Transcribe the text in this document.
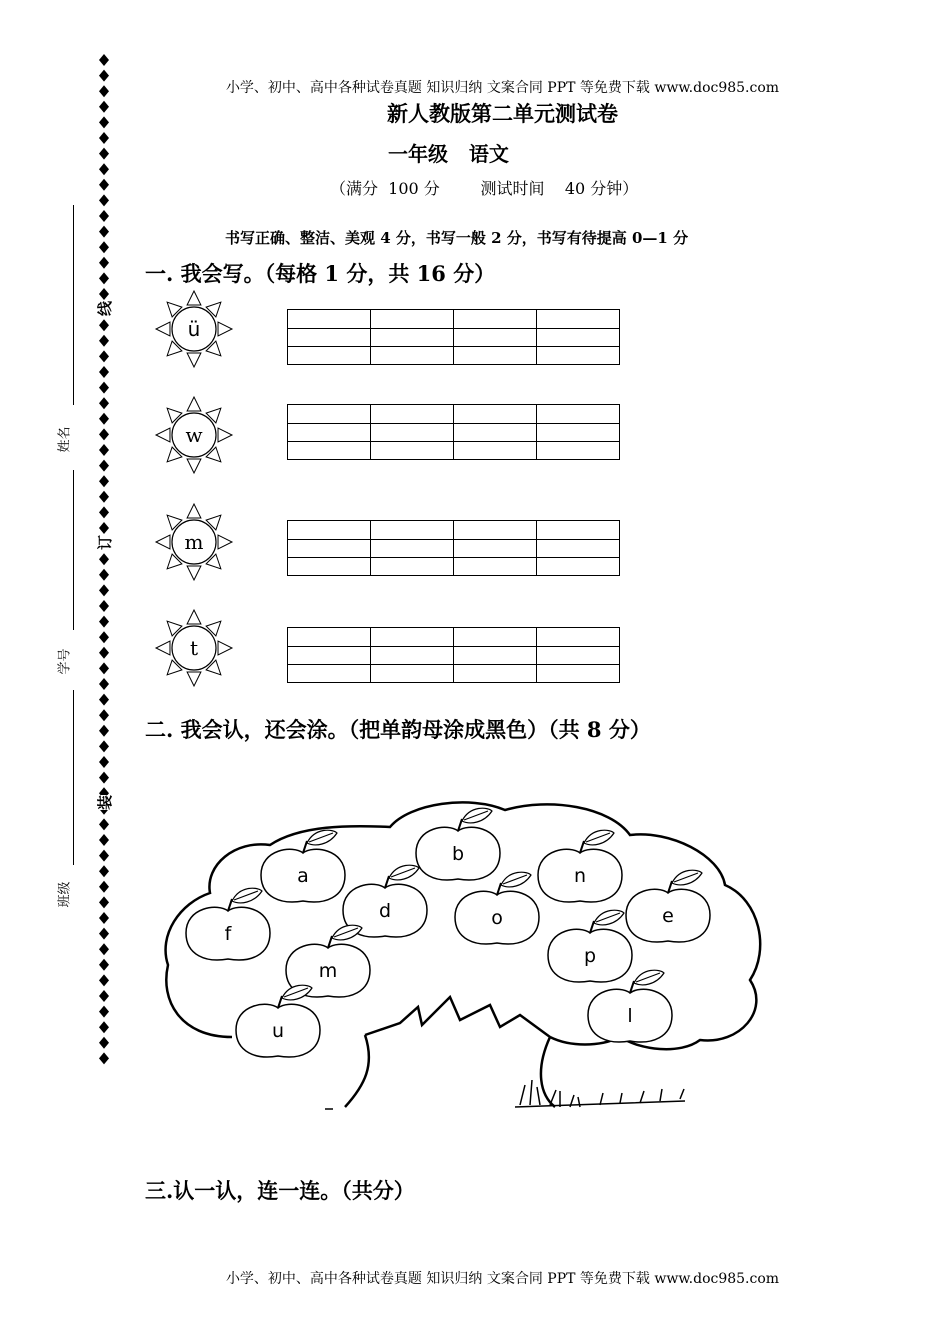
小学、初中、高中各种试卷真题 知识归纳 文案合同 PPT 等免费下载 www.doc985.com
姓名
学号
班级
线
订
装
新人教版第二单元测试卷
一年级   语文
（满分  100 分        测试时间    40 分钟）
书写正确、整洁、美观 4 分，书写一般 2 分，书写有待提高 0—1 分
一. 我会写。（每格 1 分，共 16 分）
ü
w
m
t
二. 我会认，还会涂。（把单韵母涂成黑色）（共 8 分）
a
b
n
d	o	e
f
m
p
l
u
三.认一认，连一连。（共分）
小学、初中、高中各种试卷真题 知识归纳 文案合同 PPT 等免费下载 www.doc985.com
